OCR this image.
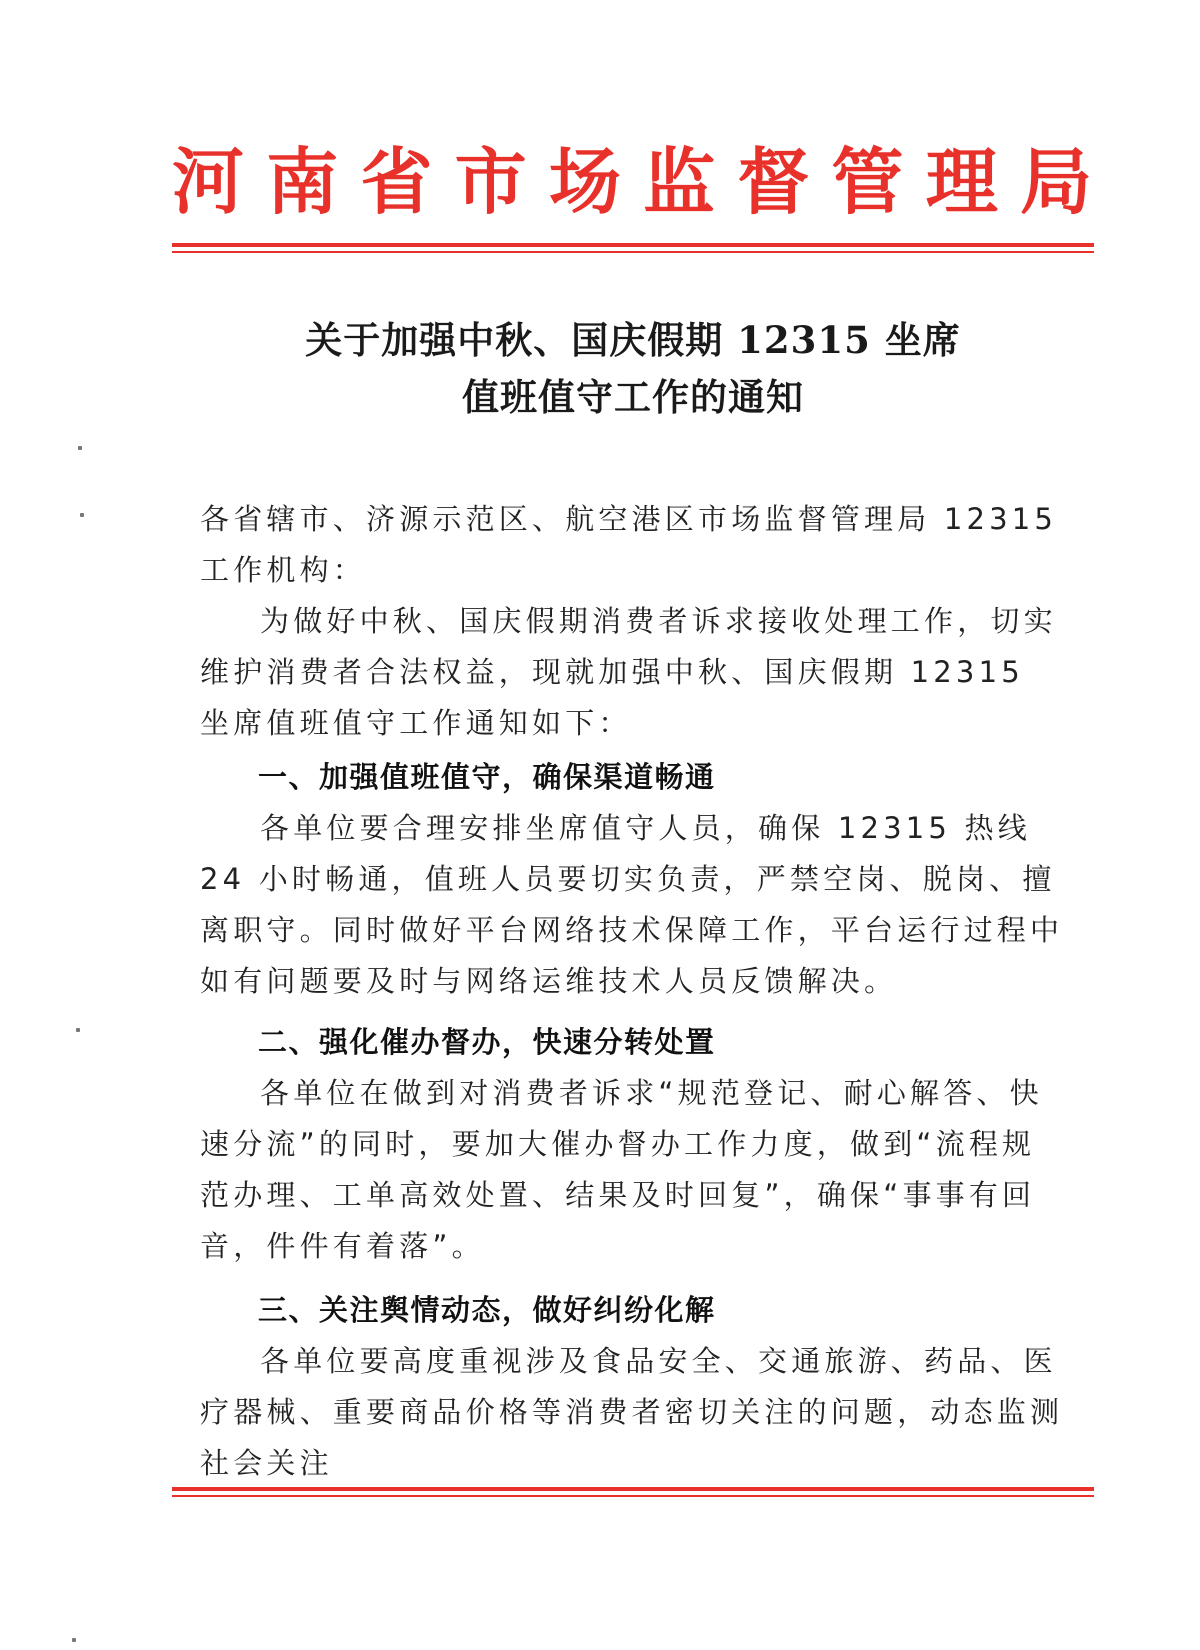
河 南 省 市 场 监 督 管 理 局
关于加强中秋、国庆假期 12315 坐席
值班值守工作的通知
各省辖市、济源示范区、航空港区市场监督管理局 12315 工作机构：
为做好中秋、国庆假期消费者诉求接收处理工作，切实维护消费者合法权益，现就加强中秋、国庆假期 12315 坐席值班值守工作通知如下：
一、加强值班值守，确保渠道畅通
各单位要合理安排坐席值守人员，确保 12315 热线 24 小时畅通，值班人员要切实负责，严禁空岗、脱岗、擅离职守。同时做好平台网络技术保障工作，平台运行过程中如有问题要及时与网络运维技术人员反馈解决。
二、强化催办督办，快速分转处置
各单位在做到对消费者诉求“规范登记、耐心解答、快速分流”的同时，要加大催办督办工作力度，做到“流程规范办理、工单高效处置、结果及时回复”，确保“事事有回音，件件有着落”。
三、关注舆情动态，做好纠纷化解
各单位要高度重视涉及食品安全、交通旅游、药品、医疗器械、重要商品价格等消费者密切关注的问题，动态监测社会关注
